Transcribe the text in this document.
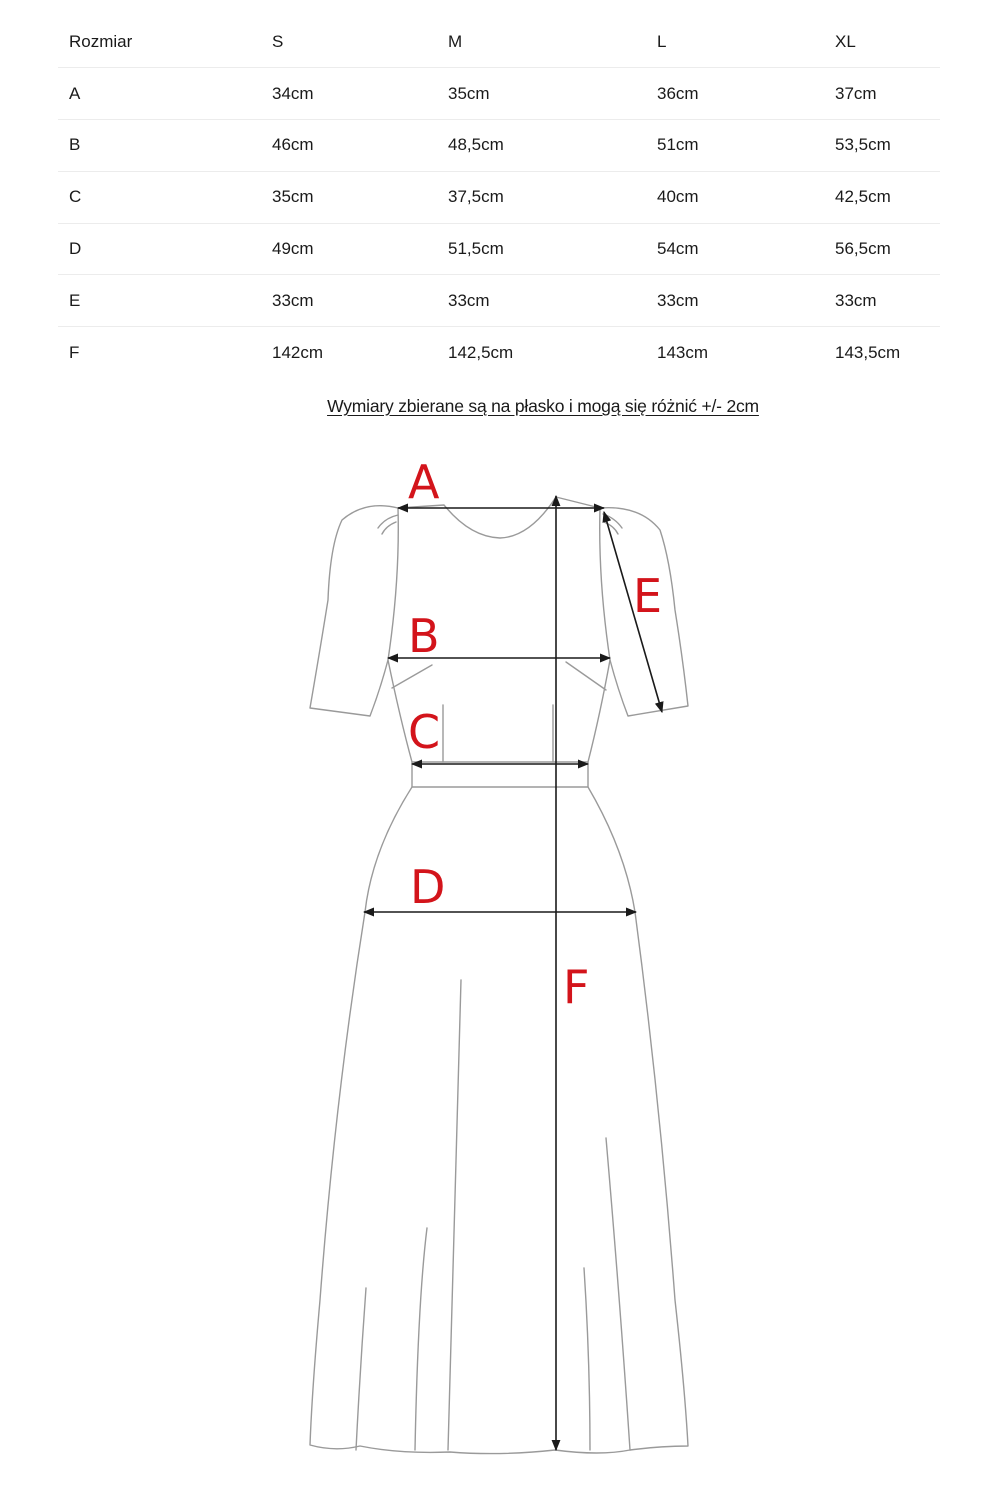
Rozmiar	S	M	L	XL
A	34cm	35cm	36cm	37cm
B	46cm	48,5cm	51cm	53,5cm
C	35cm	37,5cm	40cm	42,5cm
D	49cm	51,5cm	54cm	56,5cm
E	33cm	33cm	33cm	33cm
F	142cm	142,5cm	143cm	143,5cm
Wymiary zbierane są na płasko i mogą się różnić +/- 2cm
A
B
C
D
E
F
